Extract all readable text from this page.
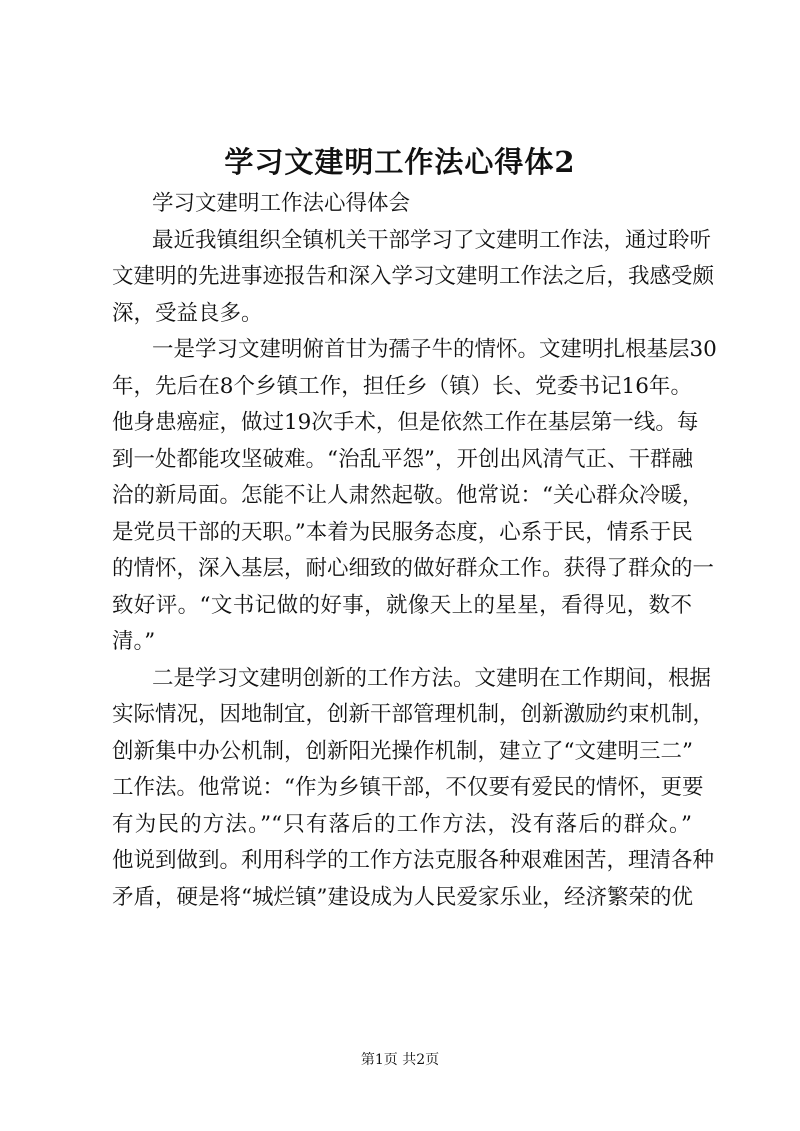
学习文建明工作法心得体2
学习文建明工作法心得体会
最近我镇组织全镇机关干部学习了文建明工作法，通过聆听
文建明的先进事迹报告和深入学习文建明工作法之后，我感受颇
深，受益良多。
一是学习文建明俯首甘为孺子牛的情怀。文建明扎根基层30
年，先后在8个乡镇工作，担任乡（镇）长、党委书记16年。
他身患癌症，做过19次手术，但是依然工作在基层第一线。每
到一处都能攻坚破难。“治乱平怨”，开创出风清气正、干群融
洽的新局面。怎能不让人肃然起敬。他常说：“关心群众冷暖，
是党员干部的天职。”本着为民服务态度，心系于民，情系于民
的情怀，深入基层，耐心细致的做好群众工作。获得了群众的一
致好评。“文书记做的好事，就像天上的星星，看得见，数不
清。”
二是学习文建明创新的工作方法。文建明在工作期间，根据
实际情况，因地制宜，创新干部管理机制，创新激励约束机制，
创新集中办公机制，创新阳光操作机制，建立了“文建明三二”
工作法。他常说：“作为乡镇干部，不仅要有爱民的情怀，更要
有为民的方法。”“只有落后的工作方法，没有落后的群众。”
他说到做到。利用科学的工作方法克服各种艰难困苦，理清各种
矛盾，硬是将“城烂镇”建设成为人民爱家乐业，经济繁荣的优
第1页 共2页
